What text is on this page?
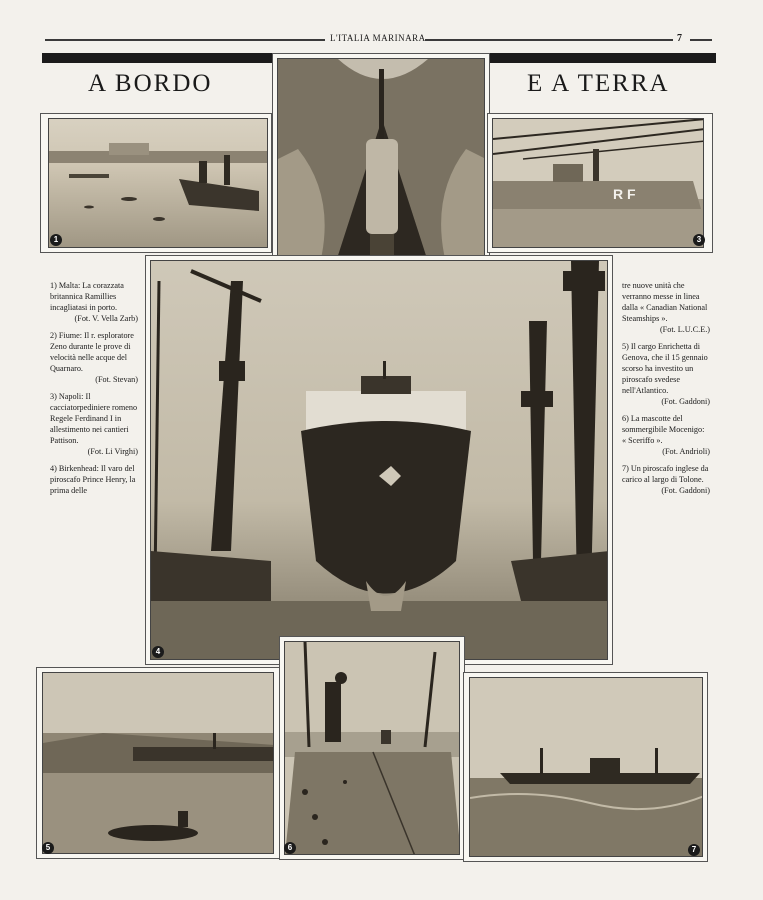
L'ITALIA MARINARA	7
A BORDO	E A TERRA
1
R F
3

1) Malta: La corazzata britannica Ramillies incagliatasi in porto.
(Fot. V. Vella Zarb)

2) Fiume: Il r. esploratore Zeno durante le prove di velocità nelle acque del Quarnaro.
(Fot. Stevan)

3) Napoli: Il cacciatorpediniere romeno Regele Ferdinand I in allestimento nei cantieri Pattison.
(Fot. Li Virghi)

4) Birkenhead: Il varo del piroscafo Prince Henry, la prima delle

4

tre nuove unità che verranno messe in linea dalla « Canadian National Steamships ».
(Fot. L.U.C.E.)

5) Il cargo Enrichetta di Genova, che il 15 gennaio scorso ha investito un piroscafo svedese nell'Atlantico.
(Fot. Gaddoni)

6) La mascotte del sommergibile Mocenigo: « Sceriffo ».
(Fot. Andrioli)

7) Un piroscafo inglese da carico al largo di Tolone.
(Fot. Gaddoni)

5	6	7
